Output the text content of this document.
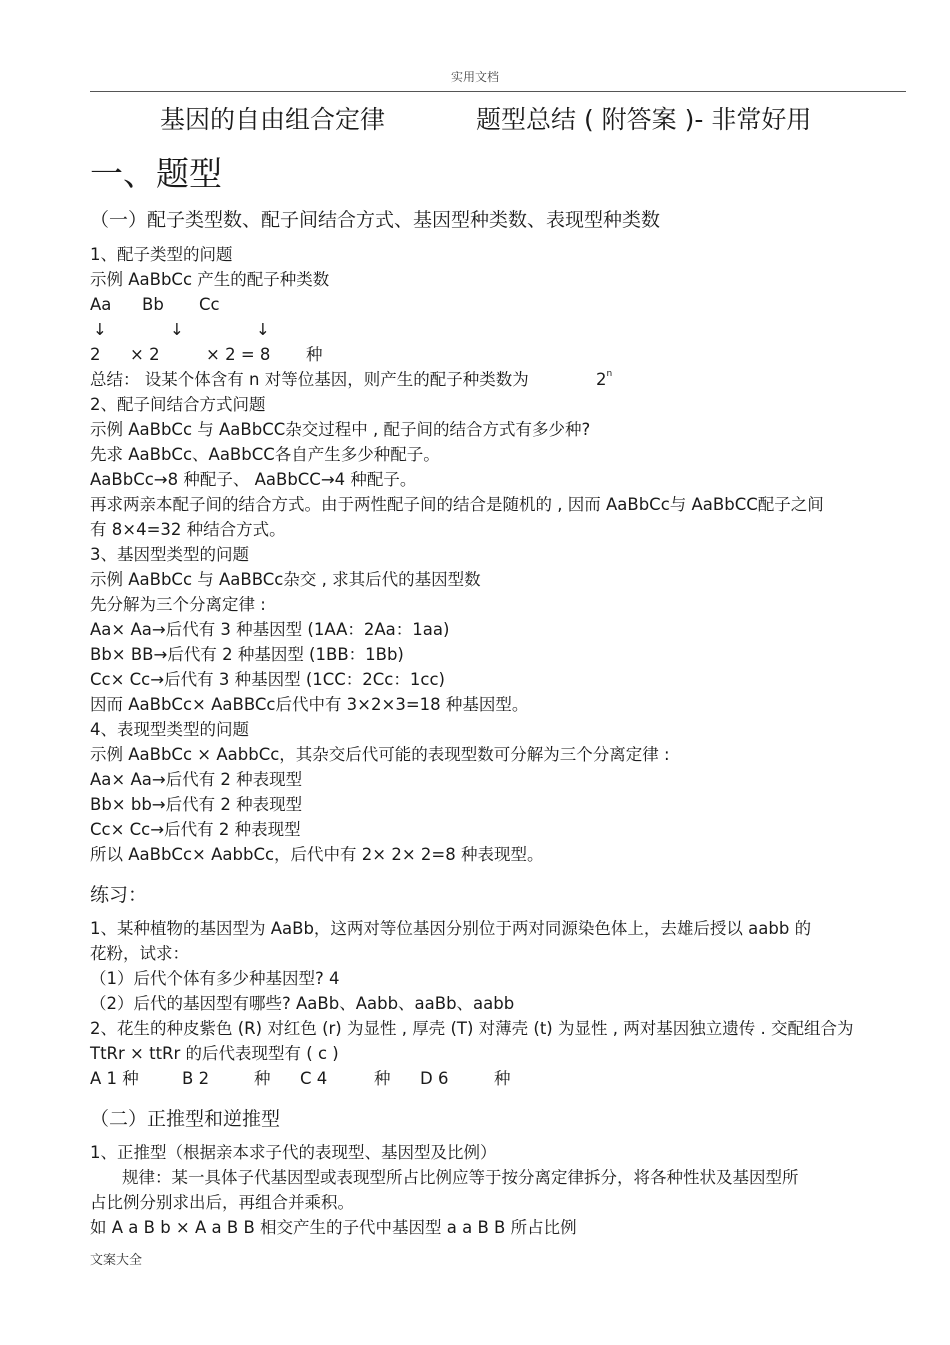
实用文档
基因的自由组合定律	题型总结 ( 附答案 )- 非常好用
一、题型
（一）配子类型数、配子间结合方式、基因型种类数、表现型种类数
1、配子类型的问题
示例 AaBbCc 产生的配子种类数
Aa Bb Cc
↓	↓	↓
2 × 2	× 2 = 8 种
总结： 设某个体含有 n 对等位基因，则产生的配子种类数为	2$^n$
2、配子间结合方式问题
示例 AaBbCc 与 AaBbCC杂交过程中 , 配子间的结合方式有多少种?
先求 AaBbCc、AaBbCC各自产生多少种配子。
AaBbCc→8 种配子、 AaBbCC→4 种配子。
再求两亲本配子间的结合方式。由于两性配子间的结合是随机的 , 因而 AaBbCc与 AaBbCC配子之间
有 8×4=32 种结合方式。
3、基因型类型的问题
示例 AaBbCc 与 AaBBCc杂交 , 求其后代的基因型数
先分解为三个分离定律 :
Aa× Aa→后代有 3 种基因型 (1AA：2Aa：1aa)
Bb× BB→后代有 2 种基因型 (1BB：1Bb)
Cc× Cc→后代有 3 种基因型 (1CC：2Cc：1cc)
因而 AaBbCc× AaBBCc后代中有 3×2×3=18 种基因型。
4、表现型类型的问题
示例 AaBbCc × AabbCc，其杂交后代可能的表现型数可分解为三个分离定律 :
Aa× Aa→后代有 2 种表现型
Bb× bb→后代有 2 种表现型
Cc× Cc→后代有 2 种表现型
所以 AaBbCc× AabbCc，后代中有 2× 2× 2=8 种表现型。
练习：
1、某种植物的基因型为 AaBb，这两对等位基因分别位于两对同源染色体上，去雄后授以 aabb 的
花粉，试求：
（1）后代个体有多少种基因型? 4
（2）后代的基因型有哪些? AaBb、Aabb、aaBb、aabb
2、花生的种皮紫色 (R) 对红色 (r) 为显性 , 厚壳 (T) 对薄壳 (t) 为显性 , 两对基因独立遗传 . 交配组合为
TtRr × ttRr 的后代表现型有 ( c )
A 1 种	B 2	种 C 4	种 D 6	种
（二）正推型和逆推型
1、正推型（根据亲本求子代的表现型、基因型及比例）
规律：某一具体子代基因型或表现型所占比例应等于按分离定律拆分，将各种性状及基因型所
占比例分别求出后，再组合并乘积。
如 A a B b × A a B B 相交产生的子代中基因型 a a B B 所占比例
文案大全
